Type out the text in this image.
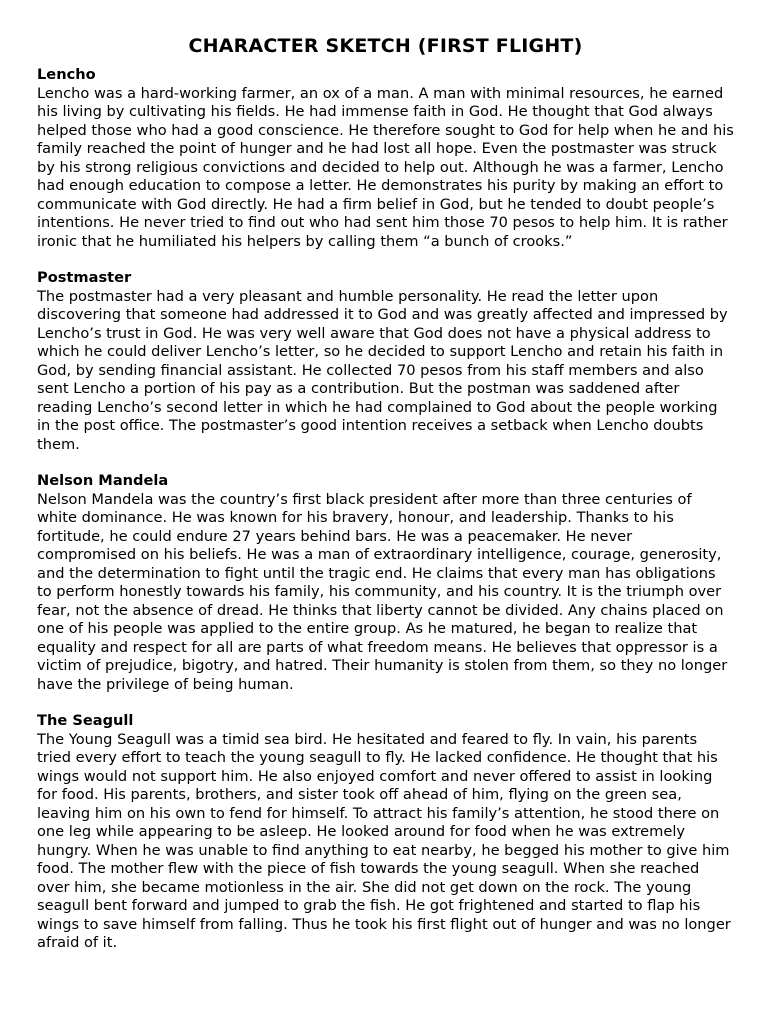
CHARACTER SKETCH (FIRST FLIGHT)

Lencho

Lencho was a hard-working farmer, an ox of a man. A man with minimal resources, he earned his living by cultivating his fields. He had immense faith in God. He thought that God always helped those who had a good conscience. He therefore sought to God for help when he and his family reached the point of hunger and he had lost all hope. Even the postmaster was struck by his strong religious convictions and decided to help out. Although he was a farmer, Lencho had enough education to compose a letter. He demonstrates his purity by making an effort to communicate with God directly. He had a firm belief in God, but he tended to doubt people’s intentions. He never tried to find out who had sent him those 70 pesos to help him. It is rather ironic that he humiliated his helpers by calling them “a bunch of crooks.”

Postmaster

The postmaster had a very pleasant and humble personality. He read the letter upon discovering that someone had addressed it to God and was greatly affected and impressed by Lencho’s trust in God. He was very well aware that God does not have a physical address to which he could deliver Lencho’s letter, so he decided to support Lencho and retain his faith in God, by sending financial assistant. He collected 70 pesos from his staff members and also sent Lencho a portion of his pay as a contribution. But the postman was saddened after reading Lencho’s second letter in which he had complained to God about the people working in the post office. The postmaster’s good intention receives a setback when Lencho doubts them.

Nelson Mandela

Nelson Mandela was the country’s first black president after more than three centuries of white dominance. He was known for his bravery, honour, and leadership. Thanks to his fortitude, he could endure 27 years behind bars. He was a peacemaker. He never compromised on his beliefs. He was a man of extraordinary intelligence, courage, generosity, and the determination to fight until the tragic end. He claims that every man has obligations to perform honestly towards his family, his community, and his country. It is the triumph over fear, not the absence of dread. He thinks that liberty cannot be divided. Any chains placed on one of his people was applied to the entire group. As he matured, he began to realize that equality and respect for all are parts of what freedom means. He believes that oppressor is a victim of prejudice, bigotry, and hatred. Their humanity is stolen from them, so they no longer have the privilege of being human.

The Seagull

The Young Seagull was a timid sea bird. He hesitated and feared to fly. In vain, his parents tried every effort to teach the young seagull to fly. He lacked confidence. He thought that his wings would not support him. He also enjoyed comfort and never offered to assist in looking for food. His parents, brothers, and sister took off ahead of him, flying on the green sea, leaving him on his own to fend for himself. To attract his family’s attention, he stood there on one leg while appearing to be asleep. He looked around for food when he was extremely hungry. When he was unable to find anything to eat nearby, he begged his mother to give him food. The mother flew with the piece of fish towards the young seagull. When she reached over him, she became motionless in the air. She did not get down on the rock. The young seagull bent forward and jumped to grab the fish. He got frightened and started to flap his wings to save himself from falling. Thus he took his first flight out of hunger and was no longer afraid of it.
